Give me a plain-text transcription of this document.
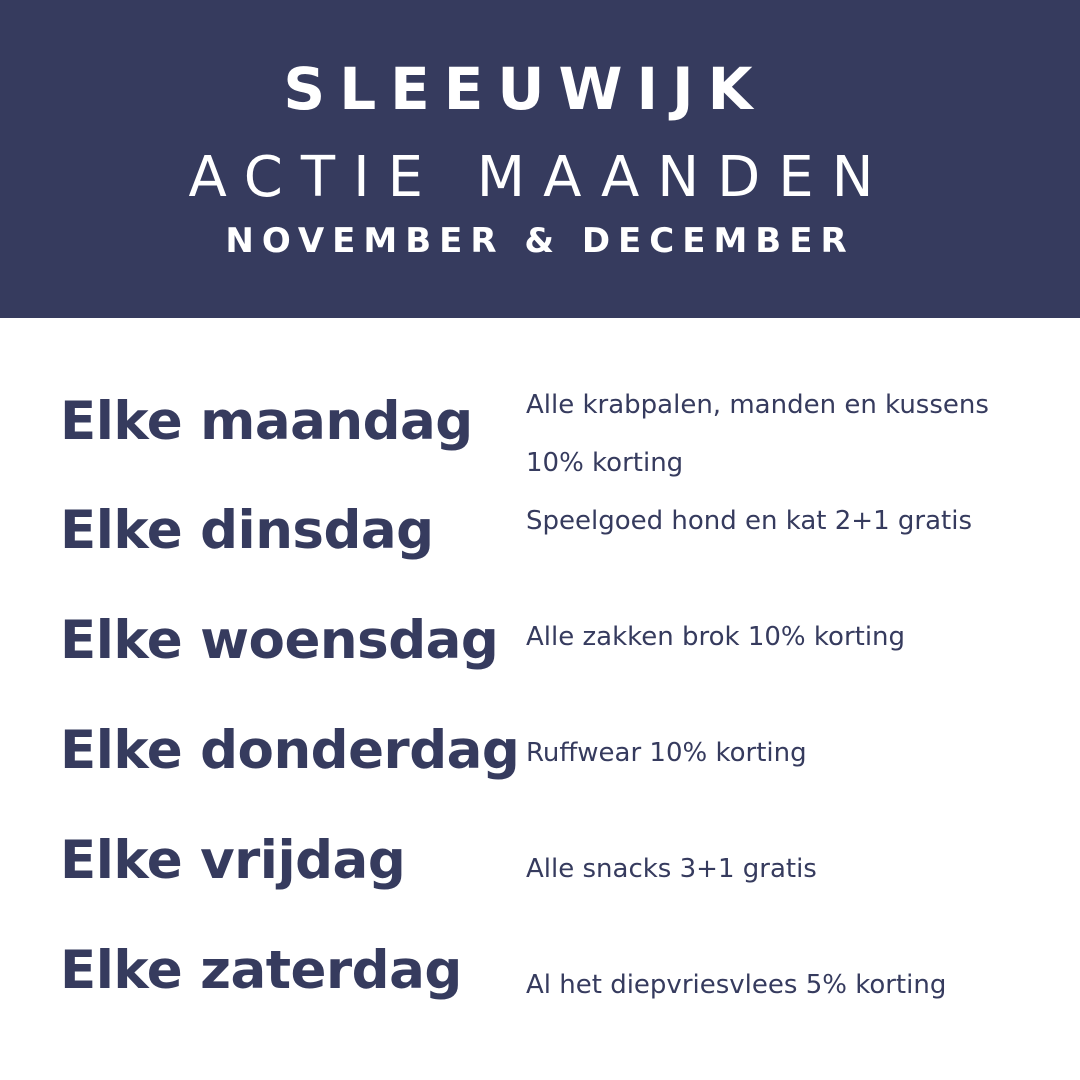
SLEEUWIJK
ACTIE MAANDEN
NOVEMBER & DECEMBER
Elke maandag Alle krabpalen, manden en kussens
10% korting
Elke dinsdag	Speelgoed hond en kat 2+1 gratis
Elke woensdag Alle zakken brok 10% korting
Elke donderdag Ruffwear 10% korting
Elke vrijdag	Alle snacks 3+1 gratis
Elke zaterdag Al het diepvriesvlees 5% korting
